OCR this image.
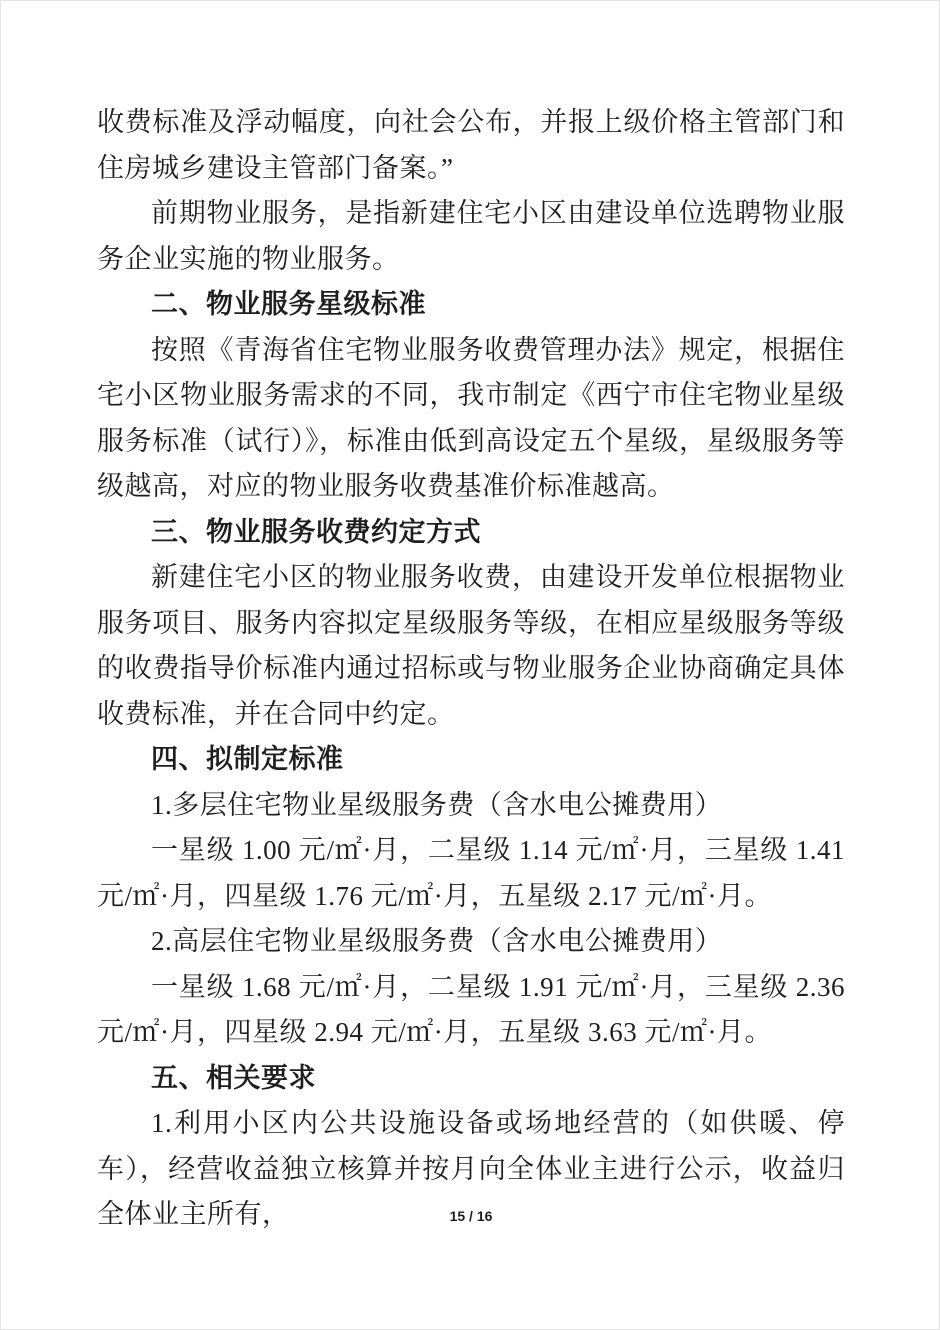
收费标准及浮动幅度，向社会公布，并报上级价格主管部门和住房城乡建设主管部门备案。”

前期物业服务，是指新建住宅小区由建设单位选聘物业服务企业实施的物业服务。

二、物业服务星级标准

按照《青海省住宅物业服务收费管理办法》规定，根据住宅小区物业服务需求的不同，我市制定《西宁市住宅物业星级服务标准（试行）》，标准由低到高设定五个星级，星级服务等级越高，对应的物业服务收费基准价标准越高。

三、物业服务收费约定方式

新建住宅小区的物业服务收费，由建设开发单位根据物业服务项目、服务内容拟定星级服务等级，在相应星级服务等级的收费指导价标准内通过招标或与物业服务企业协商确定具体收费标准，并在合同中约定。

四、拟制定标准

1.多层住宅物业星级服务费（含水电公摊费用）

一星级 1.00 元/㎡·月，二星级 1.14 元/㎡·月，三星级 1.41 元/㎡·月，四星级 1.76 元/㎡·月，五星级 2.17 元/㎡·月。

2.高层住宅物业星级服务费（含水电公摊费用）

一星级 1.68 元/㎡·月，二星级 1.91 元/㎡·月，三星级 2.36 元/㎡·月，四星级 2.94 元/㎡·月，五星级 3.63 元/㎡·月。

五、相关要求

1.利用小区内公共设施设备或场地经营的（如供暖、停车），经营收益独立核算并按月向全体业主进行公示，收益归全体业主所有，	15 / 16
